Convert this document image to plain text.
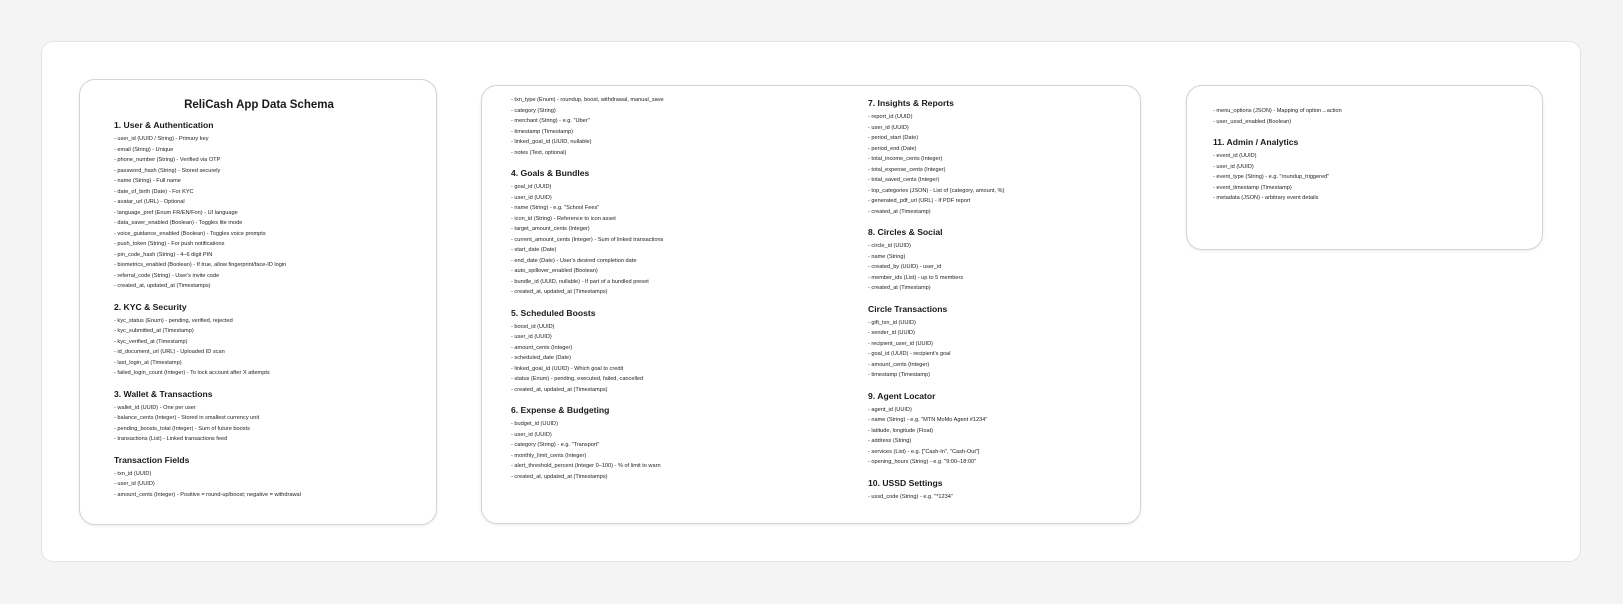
ReliCash App Data Schema
1. User & Authentication
- user_id (UUID / String) - Primary key
- email (String) - Unique
- phone_number (String) - Verified via OTP
- password_hash (String) - Stored securely
- name (String) - Full name
- date_of_birth (Date) - For KYC
- avatar_url (URL) - Optional
- language_pref (Enum FR/EN/Fon) - UI language
- data_saver_enabled (Boolean) - Toggles lite mode
- voice_guidance_enabled (Boolean) - Toggles voice prompts
- push_token (String) - For push notifications
- pin_code_hash (String) - 4–6 digit PIN
- biometrics_enabled (Boolean) - If true, allow fingerprint/face-ID login
- referral_code (String) - User's invite code
- created_at, updated_at (Timestamps)
2. KYC & Security
- kyc_status (Enum) - pending, verified, rejected
- kyc_submitted_at (Timestamp)
- kyc_verified_at (Timestamp)
- id_document_url (URL) - Uploaded ID scan
- last_login_at (Timestamp)
- failed_login_count (Integer) - To lock account after X attempts
3. Wallet & Transactions
- wallet_id (UUID) - One per user
- balance_cents (Integer) - Stored in smallest currency unit
- pending_boosts_total (Integer) - Sum of future boosts
- transactions (List) - Linked transactions feed
Transaction Fields
- txn_id (UUID)
- user_id (UUID)
- amount_cents (Integer) - Positive = round-up/boost; negative = withdrawal
- txn_type (Enum) - roundup, boost, withdrawal, manual_save
- category (String)
- merchant (String) - e.g. "Uber"
- timestamp (Timestamp)
- linked_goal_id (UUID, nullable)
- notes (Text, optional)
4. Goals & Bundles
- goal_id (UUID)
- user_id (UUID)
- name (String) - e.g. "School Fees"
- icon_id (String) - Reference to icon asset
- target_amount_cents (Integer)
- current_amount_cents (Integer) - Sum of linked transactions
- start_date (Date)
- end_date (Date) - User's desired completion date
- auto_spillover_enabled (Boolean)
- bundle_id (UUID, nullable) - If part of a bundled preset
- created_at, updated_at (Timestamps)
5. Scheduled Boosts
- boost_id (UUID)
- user_id (UUID)
- amount_cents (Integer)
- scheduled_date (Date)
- linked_goal_id (UUID) - Which goal to credit
- status (Enum) - pending, executed, failed, cancelled
- created_at, updated_at (Timestamps)
6. Expense & Budgeting
- budget_id (UUID)
- user_id (UUID)
- category (String) - e.g. "Transport"
- monthly_limit_cents (Integer)
- alert_threshold_percent (Integer 0–100) - % of limit to warn
- created_at, updated_at (Timestamps)
7. Insights & Reports
- report_id (UUID)
- user_id (UUID)
- period_start (Date)
- period_end (Date)
- total_income_cents (Integer)
- total_expense_cents (Integer)
- total_saved_cents (Integer)
- top_categories (JSON) - List of {category, amount, %}
- generated_pdf_url (URL) - If PDF report
- created_at (Timestamp)
8. Circles & Social
- circle_id (UUID)
- name (String)
- created_by (UUID) - user_id
- member_ids (List) - up to 5 members
- created_at (Timestamp)
Circle Transactions
- gift_txn_id (UUID)
- sender_id (UUID)
- recipient_user_id (UUID)
- goal_id (UUID) - recipient's goal
- amount_cents (Integer)
- timestamp (Timestamp)
9. Agent Locator
- agent_id (UUID)
- name (String) - e.g. "MTN MoMo Agent #1234"
- latitude, longitude (Float)
- address (String)
- services (List) - e.g. ["Cash-In", "Cash-Out"]
- opening_hours (String) - e.g. "9:00–18:00"
10. USSD Settings
- ussd_code (String) - e.g. "*1234"
- menu_options (JSON) - Mapping of option→action
- user_ussd_enabled (Boolean)
11. Admin / Analytics
- event_id (UUID)
- user_id (UUID)
- event_type (String) - e.g. "roundup_triggered"
- event_timestamp (Timestamp)
- metadata (JSON) - arbitrary event details
